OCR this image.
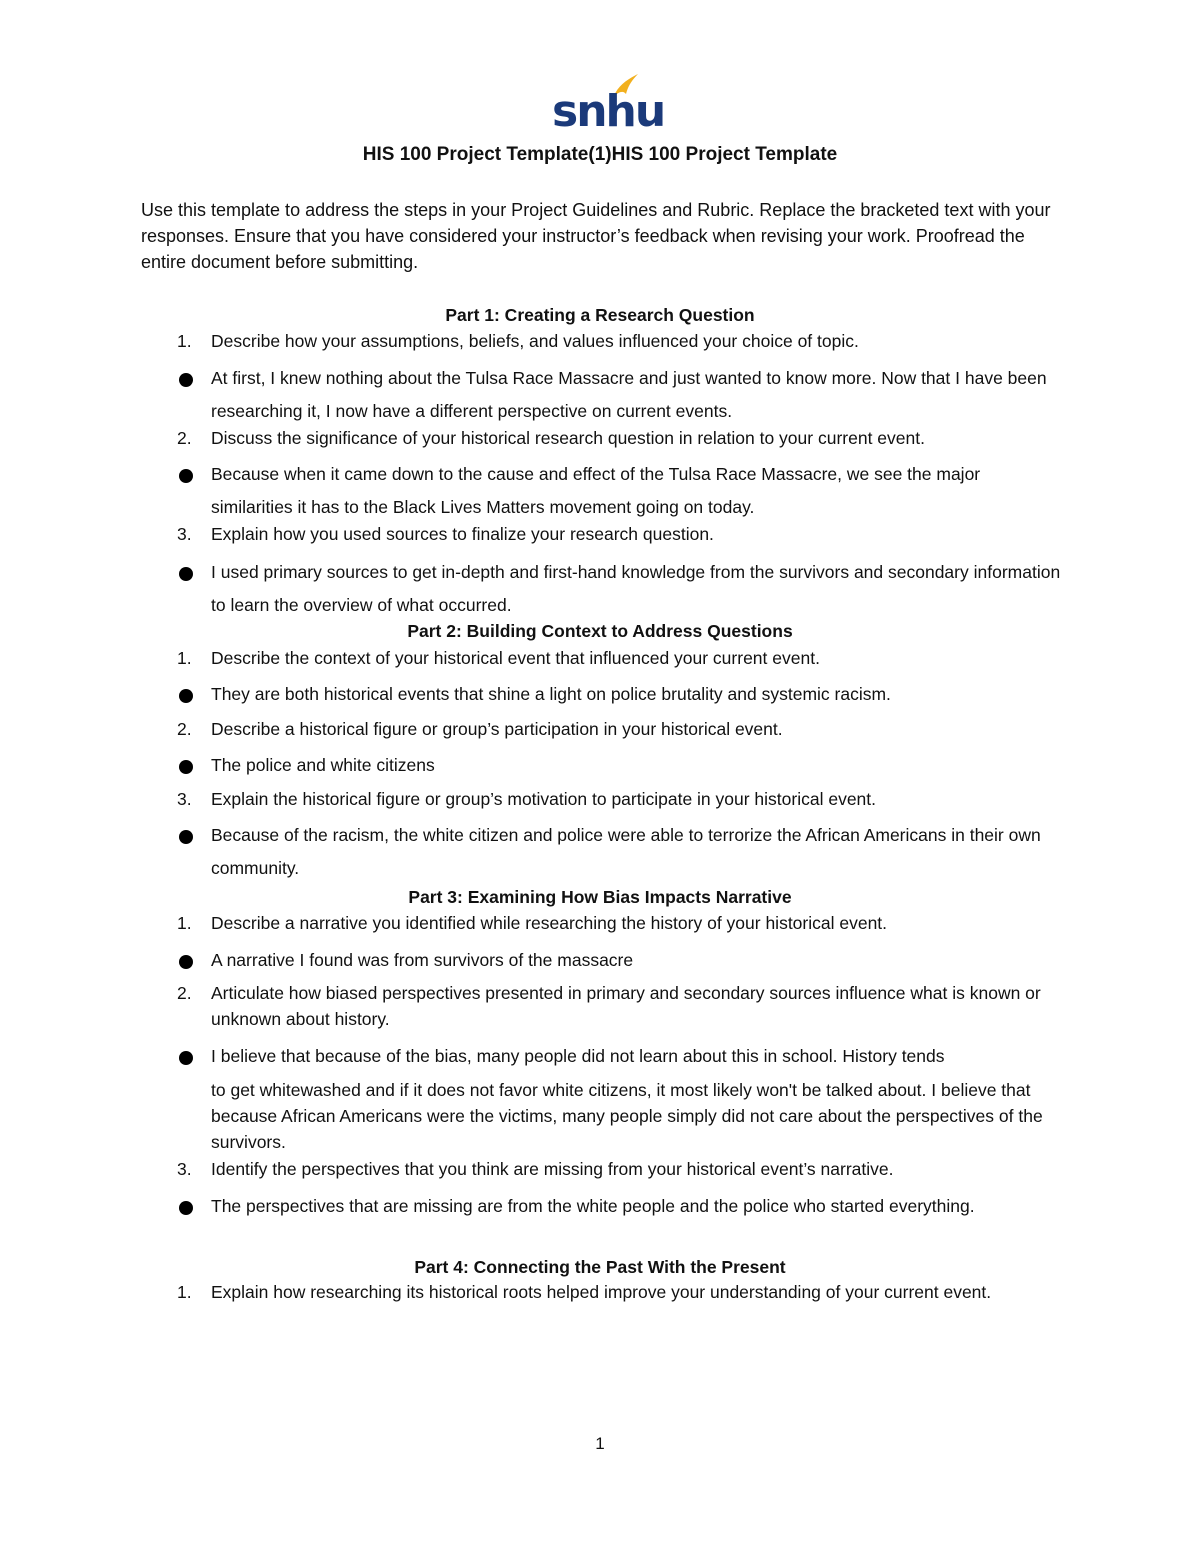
snhu
HIS 100 Project Template(1)HIS 100 Project Template
Use this template to address the steps in your Project Guidelines and Rubric. Replace the bracketed text with your responses. Ensure that you have considered your instructor’s feedback when revising your work. Proofread the entire document before submitting.
Part 1: Creating a Research Question
1.	Describe how your assumptions, beliefs, and values influenced your choice of topic.
At first, I knew nothing about the Tulsa Race Massacre and just wanted to know more. Now that I have been researching it, I now have a different perspective on current events.
2.	Discuss the significance of your historical research question in relation to your current event.
Because when it came down to the cause and effect of the Tulsa Race Massacre, we see the major similarities it has to the Black Lives Matters movement going on today.
3.	Explain how you used sources to finalize your research question.
I used primary sources to get in-depth and first-hand knowledge from the survivors and secondary information to learn the overview of what occurred.
Part 2: Building Context to Address Questions
1.	Describe the context of your historical event that influenced your current event.
They are both historical events that shine a light on police brutality and systemic racism.
2.	Describe a historical figure or group’s participation in your historical event.
The police and white citizens
3.	Explain the historical figure or group’s motivation to participate in your historical event.
Because of the racism, the white citizen and police were able to terrorize the African Americans in their own community.
Part 3: Examining How Bias Impacts Narrative
1.	Describe a narrative you identified while researching the history of your historical event.
A narrative I found was from survivors of the massacre
2.	Articulate how biased perspectives presented in primary and secondary sources influence what is known or unknown about history.
I believe that because of the bias, many people did not learn about this in school. History tends
to get whitewashed and if it does not favor white citizens, it most likely won't be talked about. I believe that because African Americans were the victims, many people simply did not care about the perspectives of the survivors.
3.	Identify the perspectives that you think are missing from your historical event’s narrative.
The perspectives that are missing are from the white people and the police who started everything.
Part 4: Connecting the Past With the Present
1.	Explain how researching its historical roots helped improve your understanding of your current event.
1
